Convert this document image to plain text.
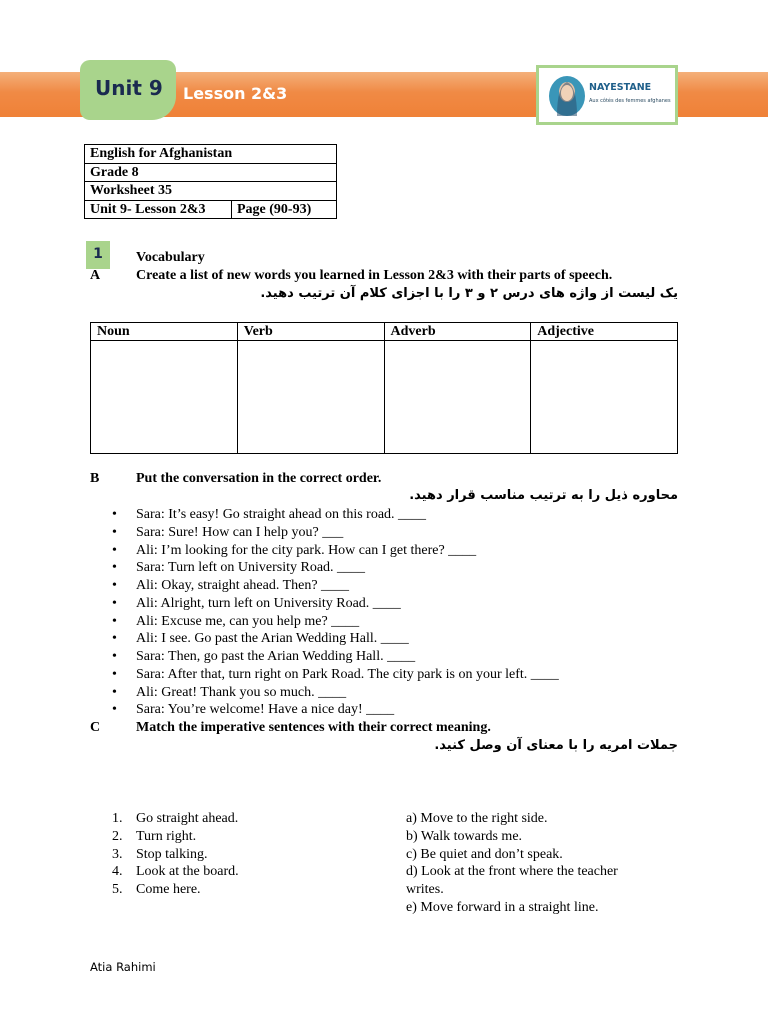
Unit 9 Lesson 2&3	NAYESTANE
Aux côtés des femmes afghanes
English for Afghanistan
Grade 8
Worksheet 35
Unit 9- Lesson 2&3	Page (90-93)
1	Vocabulary
A	Create a list of new words you learned in Lesson 2&3 with their parts of speech.
یک لیست از واژه های درس ۲ و ۳ را با اجزای کلام آن ترتیب دهید.
Noun	Verb	Adverb	Adjective

B	Put the conversation in the correct order.
محاوره ذیل را به ترتیب مناسب قرار دهید.
• Sara: It’s easy! Go straight ahead on this road. ____
• Sara: Sure! How can I help you? ___
• Ali: I’m looking for the city park. How can I get there? ____
• Sara: Turn left on University Road. ____
• Ali: Okay, straight ahead. Then? ____
• Ali: Alright, turn left on University Road. ____
• Ali: Excuse me, can you help me? ____
• Ali: I see. Go past the Arian Wedding Hall. ____
• Sara: Then, go past the Arian Wedding Hall. ____
• Sara: After that, turn right on Park Road. The city park is on your left. ____
• Ali: Great! Thank you so much. ____
• Sara: You’re welcome! Have a nice day! ____
C	Match the imperative sentences with their correct meaning.
جملات امریه را با معنای آن وصل کنید.
1. Go straight ahead.
2. Turn right.
3. Stop talking.
4. Look at the board.
5. Come here.
a) Move to the right side.
b) Walk towards me.
c) Be quiet and don’t speak.
d) Look at the front where the teacher writes.
e) Move forward in a straight line.
Atia Rahimi
